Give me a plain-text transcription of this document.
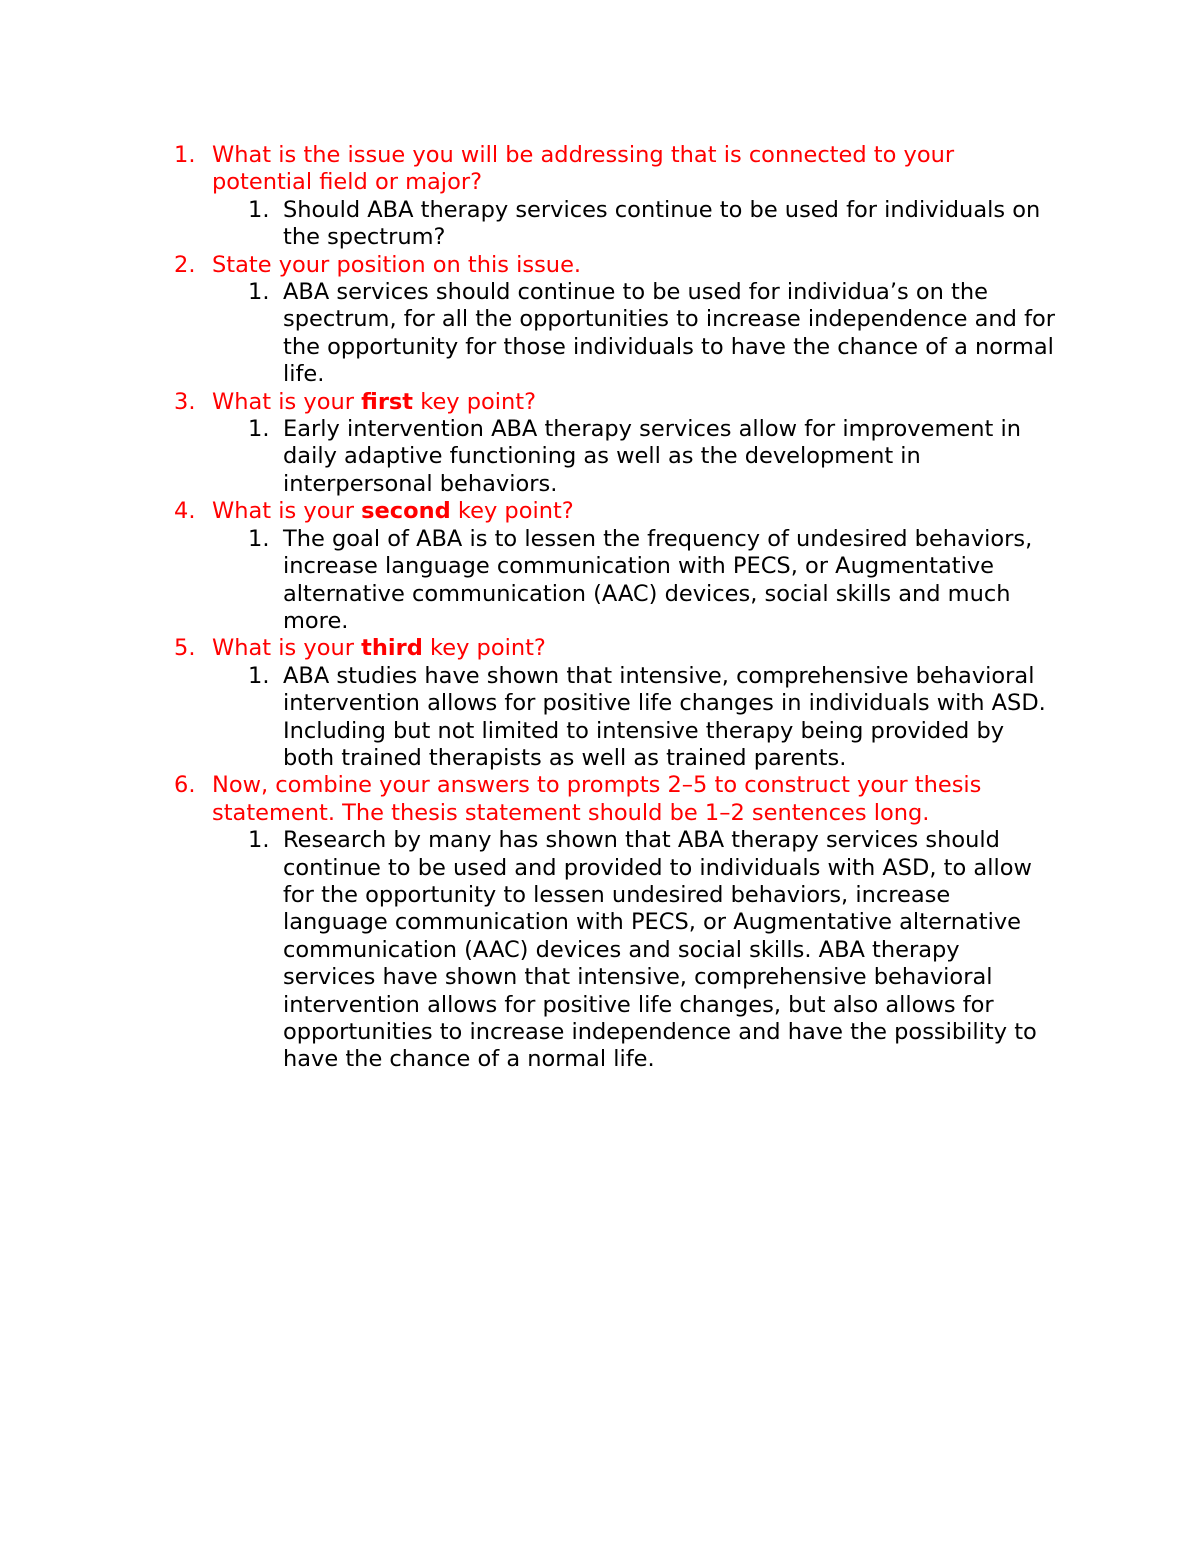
1. What is the issue you will be addressing that is connected to your potential field or major?
1. Should ABA therapy services continue to be used for individuals on the spectrum?
2. State your position on this issue.
1. ABA services should continue to be used for individua’s on the spectrum, for all the opportunities to increase independence and for the opportunity for those individuals to have the chance of a normal life.
3. What is your first key point?
1. Early intervention ABA therapy services allow for improvement in daily adaptive functioning as well as the development in interpersonal behaviors.
4. What is your second key point?
1. The goal of ABA is to lessen the frequency of undesired behaviors, increase language communication with PECS, or Augmentative alternative communication (AAC) devices, social skills and much more.
5. What is your third key point?
1. ABA studies have shown that intensive, comprehensive behavioral intervention allows for positive life changes in individuals with ASD. Including but not limited to intensive therapy being provided by both trained therapists as well as trained parents.
6. Now, combine your answers to prompts 2–5 to construct your thesis statement. The thesis statement should be 1–2 sentences long.
1. Research by many has shown that ABA therapy services should continue to be used and provided to individuals with ASD, to allow for the opportunity to lessen undesired behaviors, increase language communication with PECS, or Augmentative alternative communication (AAC) devices and social skills. ABA therapy services have shown that intensive, comprehensive behavioral intervention allows for positive life changes, but also allows for opportunities to increase independence and have the possibility to have the chance of a normal life.
